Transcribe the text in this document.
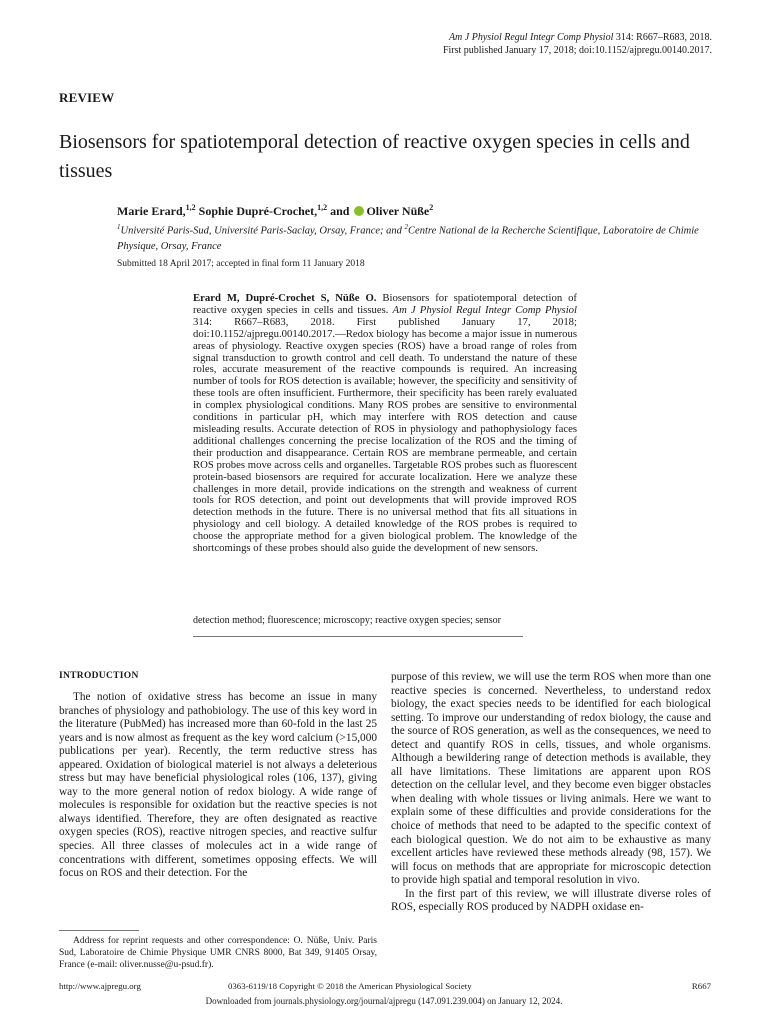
Am J Physiol Regul Integr Comp Physiol 314: R667–R683, 2018.
First published January 17, 2018; doi:10.1152/ajpregu.00140.2017.
REVIEW
Biosensors for spatiotemporal detection of reactive oxygen species in cells and tissues
Marie Erard,$^{1,2}$ Sophie Dupré-Crochet,$^{1,2}$ and Oliver Nüße$^2$
$^1$Université Paris-Sud, Université Paris-Saclay, Orsay, France; and $^2$Centre National de la Recherche Scientifique, Laboratoire de Chimie Physique, Orsay, France
Submitted 18 April 2017; accepted in final form 11 January 2018
Erard M, Dupré-Crochet S, Nüße O. Biosensors for spatiotemporal detection of reactive oxygen species in cells and tissues. Am J Physiol Regul Integr Comp Physiol 314: R667–R683, 2018. First published January 17, 2018; doi:10.1152/ajpregu.00140.2017.—Redox biology has become a major issue in numerous areas of physiology. Reactive oxygen species (ROS) have a broad range of roles from signal transduction to growth control and cell death. To understand the nature of these roles, accurate measurement of the reactive compounds is required. An increasing number of tools for ROS detection is available; however, the specificity and sensitivity of these tools are often insufficient. Furthermore, their specificity has been rarely evaluated in complex physiological conditions. Many ROS probes are sensitive to environmental conditions in particular pH, which may interfere with ROS detection and cause misleading results. Accurate detection of ROS in physiology and pathophysiology faces additional challenges concerning the precise localization of the ROS and the timing of their production and disappearance. Certain ROS are membrane permeable, and certain ROS probes move across cells and organelles. Targetable ROS probes such as fluorescent protein-based biosensors are required for accurate localization. Here we analyze these challenges in more detail, provide indications on the strength and weakness of current tools for ROS detection, and point out developments that will provide improved ROS detection methods in the future. There is no universal method that fits all situations in physiology and cell biology. A detailed knowledge of the ROS probes is required to choose the appropriate method for a given biological problem. The knowledge of the shortcomings of these probes should also guide the development of new sensors.
detection method; fluorescence; microscopy; reactive oxygen species; sensor
INTRODUCTION

The notion of oxidative stress has become an issue in many branches of physiology and pathobiology. The use of this key word in the literature (PubMed) has increased more than 60-fold in the last 25 years and is now almost as frequent as the key word calcium (>15,000 publications per year). Recently, the term reductive stress has appeared. Oxidation of biological materiel is not always a deleterious stress but may have beneficial physiological roles (106, 137), giving way to the more general notion of redox biology. A wide range of molecules is responsible for oxidation but the reactive species is not always identified. Therefore, they are often designated as reactive oxygen species (ROS), reactive nitrogen species, and reactive sulfur species. All three classes of molecules act in a wide range of concentrations with different, sometimes opposing effects. We will focus on ROS and their detection. For the

purpose of this review, we will use the term ROS when more than one reactive species is concerned. Nevertheless, to understand redox biology, the exact species needs to be identified for each biological setting. To improve our understanding of redox biology, the cause and the source of ROS generation, as well as the consequences, we need to detect and quantify ROS in cells, tissues, and whole organisms. Although a bewildering range of detection methods is available, they all have limitations. These limitations are apparent upon ROS detection on the cellular level, and they become even bigger obstacles when dealing with whole tissues or living animals. Here we want to explain some of these difficulties and provide considerations for the choice of methods that need to be adapted to the specific context of each biological question. We do not aim to be exhaustive as many excellent articles have reviewed these methods already (98, 157). We will focus on methods that are appropriate for microscopic detection to provide high spatial and temporal resolution in vivo.

In the first part of this review, we will illustrate diverse roles of ROS, especially ROS produced by NADPH oxidase en-

Address for reprint requests and other correspondence: O. Nüße, Univ. Paris Sud, Laboratoire de Chimie Physique UMR CNRS 8000, Bat 349, 91405 Orsay, France (e-mail: oliver.nusse@u-psud.fr).

http://www.ajpregu.org	0363-6119/18 Copyright © 2018 the American Physiological Society	R667
Downloaded from journals.physiology.org/journal/ajpregu (147.091.239.004) on January 12, 2024.
